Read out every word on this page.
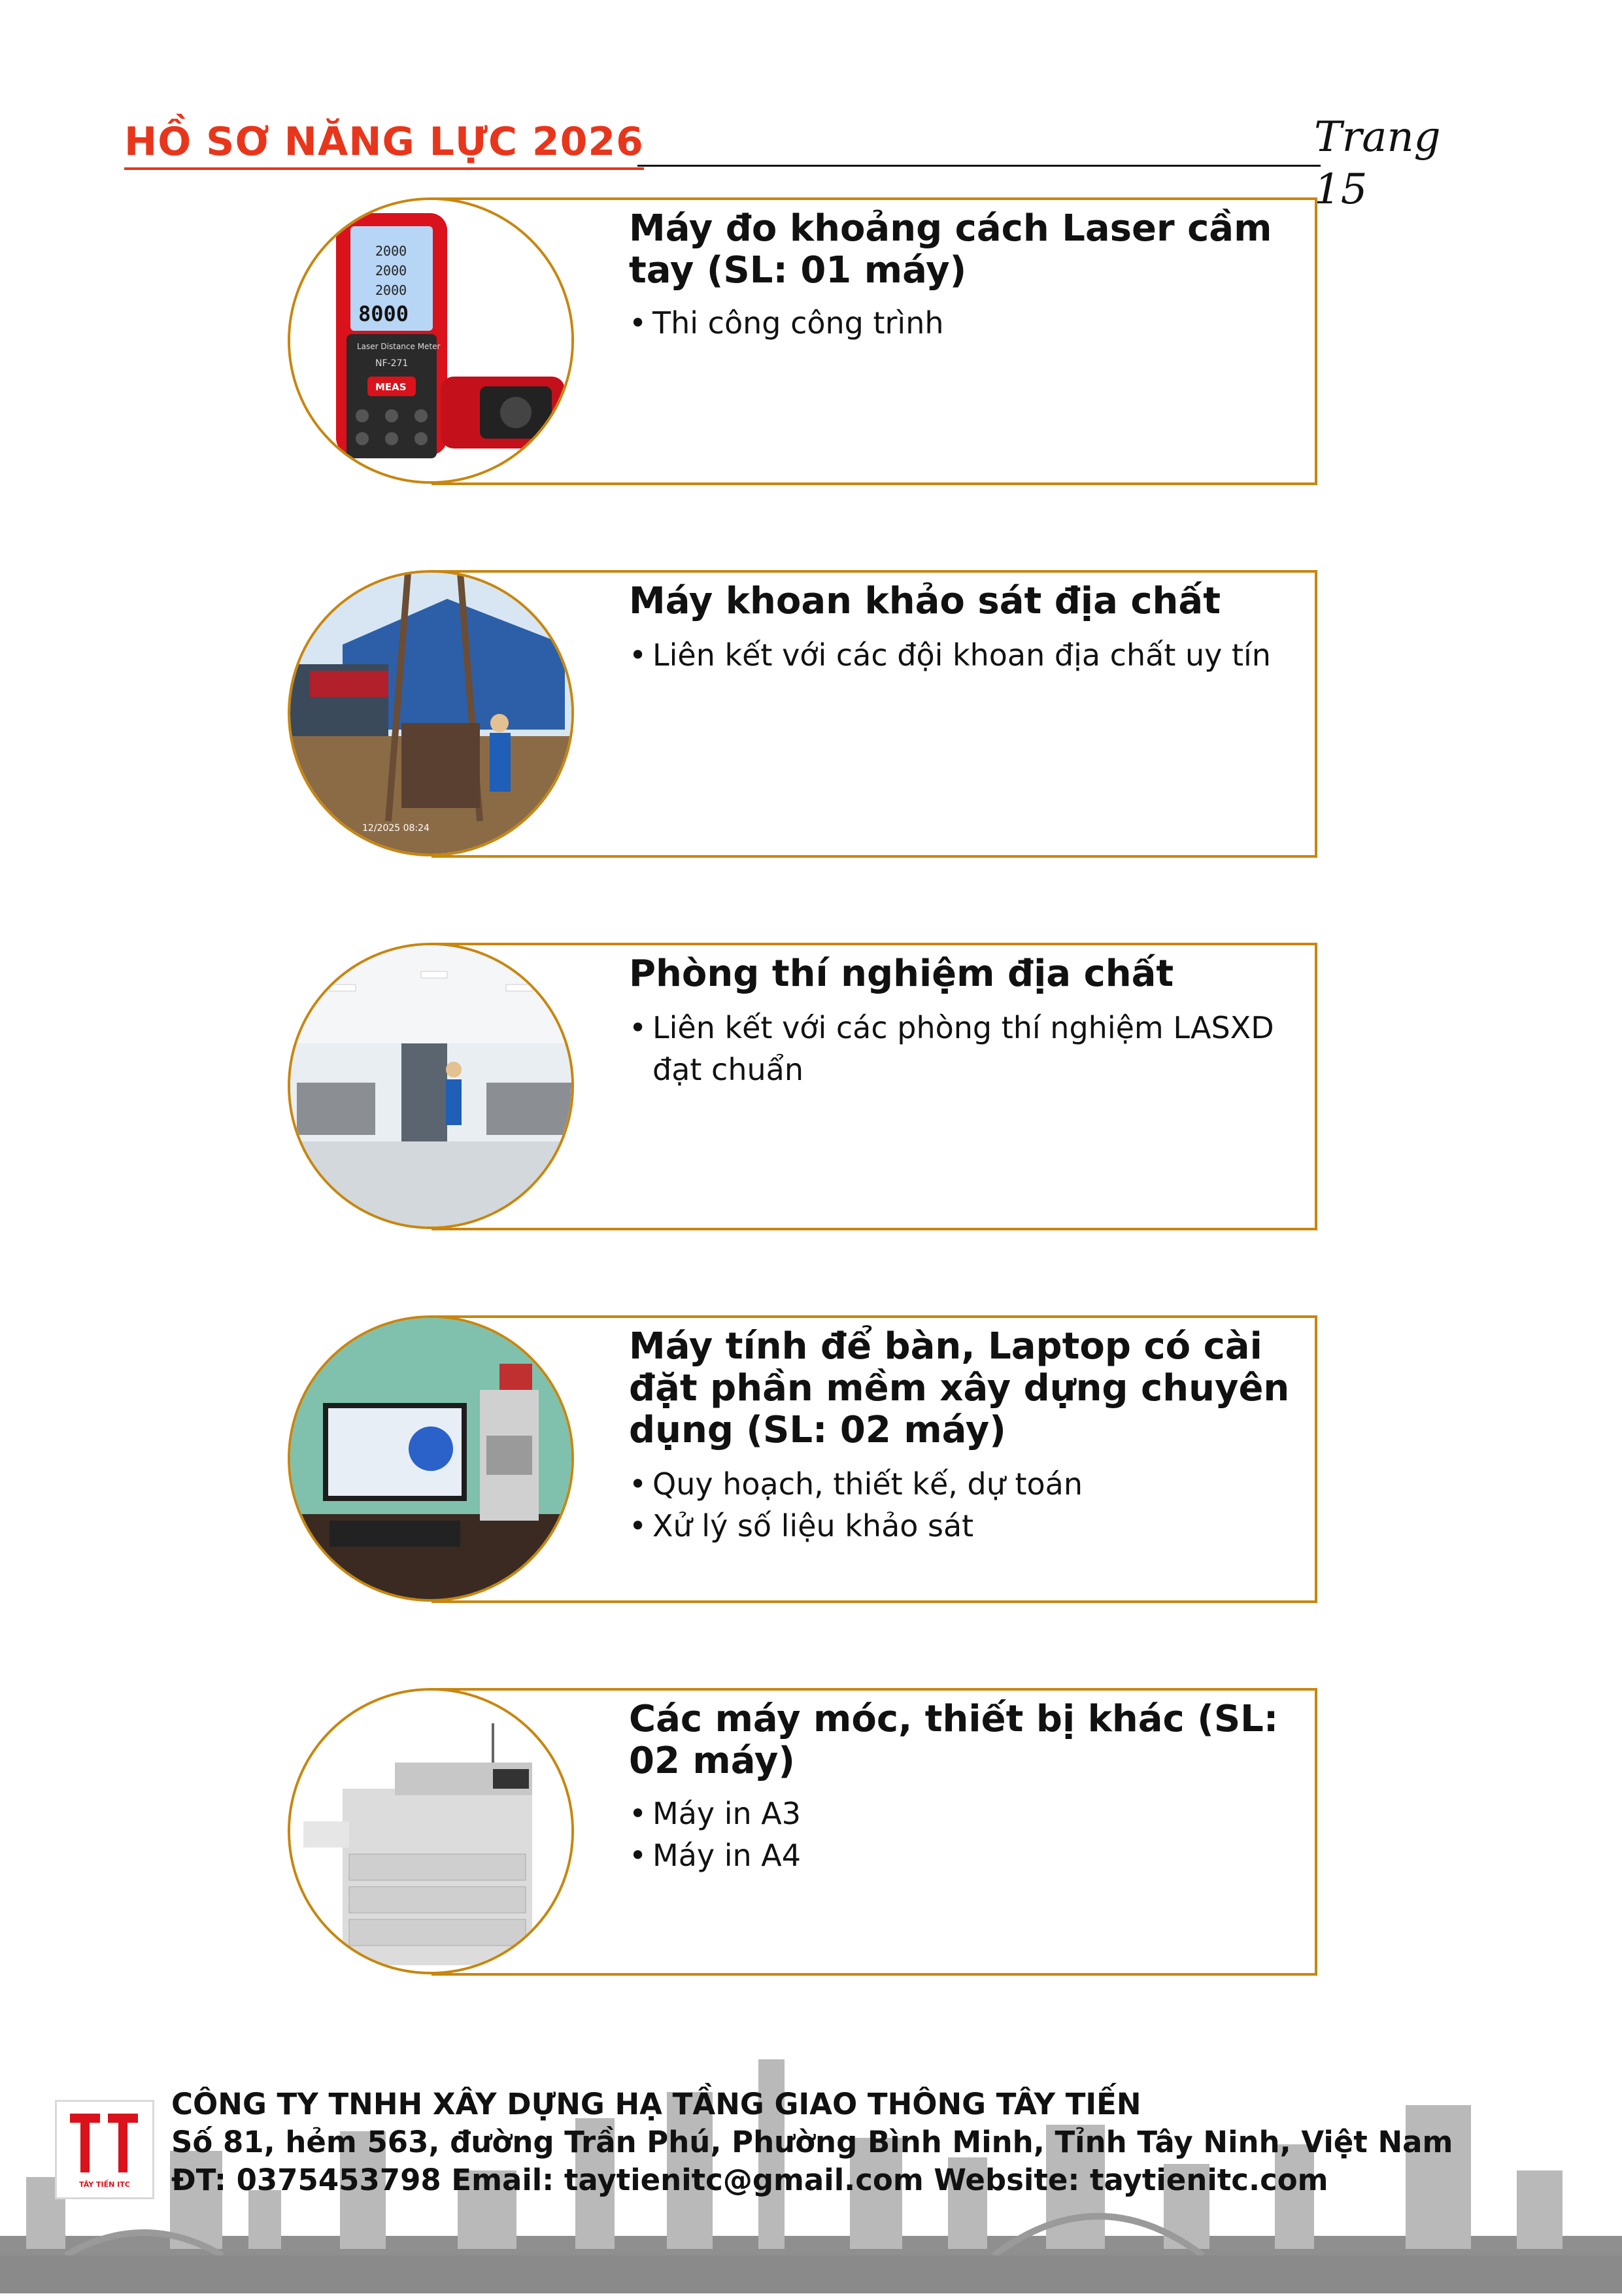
HỒ SƠ NĂNG LỰC 2026	Trang 15
2000
2000
2000
8000
Laser Distance Meter
NF-271
MEAS
Máy đo khoảng cách Laser cầm tay (SL: 01 máy)
• Thi công công trình
12/2025 08:24
Máy khoan khảo sát địa chất
• Liên kết với các đội khoan địa chất uy tín
Phòng thí nghiệm địa chất
• Liên kết với các phòng thí nghiệm LASXD đạt chuẩn
Máy tính để bàn, Laptop có cài đặt phần mềm xây dựng chuyên dụng (SL: 02 máy)
• Quy hoạch, thiết kế, dự toán
• Xử lý số liệu khảo sát
Các máy móc, thiết bị khác (SL: 02 máy)
• Máy in A3
• Máy in A4
TÂY TIẾN ITC
CÔNG TY TNHH XÂY DỰNG HẠ TẦNG GIAO THÔNG TÂY TIẾN
Số 81, hẻm 563, đường Trần Phú, Phường Bình Minh, Tỉnh Tây Ninh, Việt Nam
ĐT: 0375453798 Email: taytienitc@gmail.com Website: taytienitc.com
